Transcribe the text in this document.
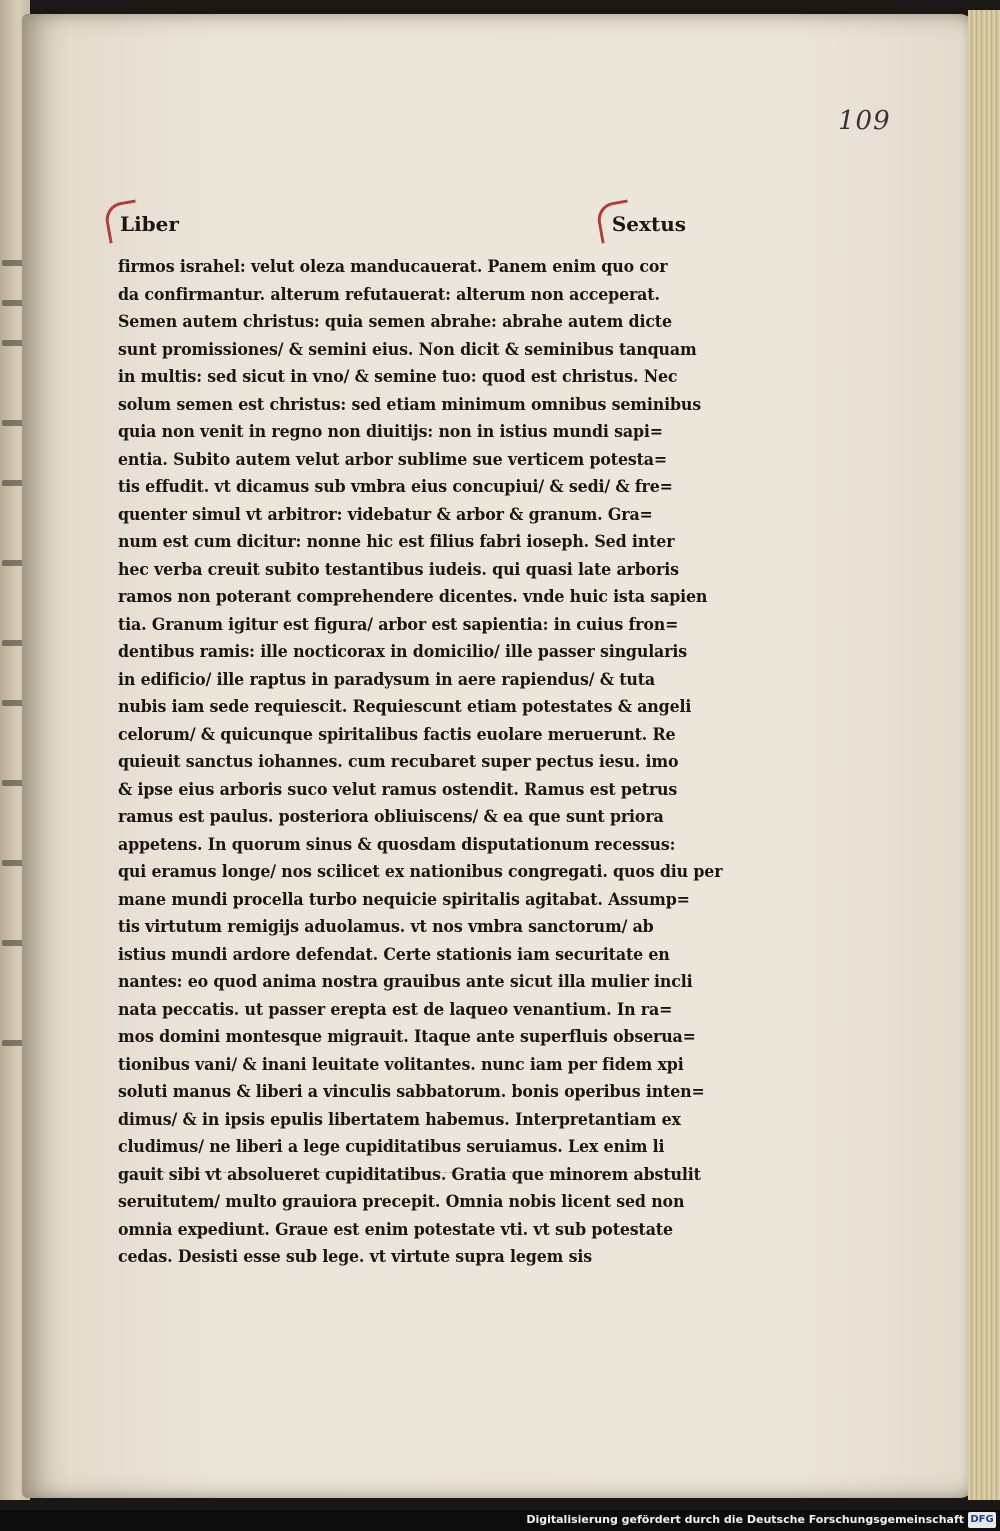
109
Liber	Sextus
firmos israhel: velut oleza manducauerat. Panem enim quo cor
da confirmantur. alterum refutauerat: alterum non acceperat.
Semen autem christus: quia semen abrahe: abrahe autem dicte
sunt promissiones/ & semini eius. Non dicit & seminibus tanquam
in multis: sed sicut in vno/ & semine tuo: quod est christus. Nec
solum semen est christus: sed etiam minimum omnibus seminibus
quia non venit in regno non diuitijs: non in istius mundi sapi=
entia. Subito autem velut arbor sublime sue verticem potesta=
tis effudit. vt dicamus sub vmbra eius concupiui/ & sedi/ & fre=
quenter simul vt arbitror: videbatur & arbor & granum. Gra=
num est cum dicitur: nonne hic est filius fabri ioseph. Sed inter
hec verba creuit subito testantibus iudeis. qui quasi late arboris
ramos non poterant comprehendere dicentes. vnde huic ista sapien
tia. Granum igitur est figura/ arbor est sapientia: in cuius fron=
dentibus ramis: ille nocticorax in domicilio/ ille passer singularis
in edificio/ ille raptus in paradysum in aere rapiendus/ & tuta
nubis iam sede requiescit. Requiescunt etiam potestates & angeli
celorum/ & quicunque spiritalibus factis euolare meruerunt. Re
quieuit sanctus iohannes. cum recubaret super pectus iesu. imo
& ipse eius arboris suco velut ramus ostendit. Ramus est petrus
ramus est paulus. posteriora obliuiscens/ & ea que sunt priora
appetens. In quorum sinus & quosdam disputationum recessus:
qui eramus longe/ nos scilicet ex nationibus congregati. quos diu per
mane mundi procella turbo nequicie spiritalis agitabat. Assump=
tis virtutum remigijs aduolamus. vt nos vmbra sanctorum/ ab
istius mundi ardore defendat. Certe stationis iam securitate en
nantes: eo quod anima nostra grauibus ante sicut illa mulier incli
nata peccatis. ut passer erepta est de laqueo venantium. In ra=
mos domini montesque migrauit. Itaque ante superfluis obserua=
tionibus vani/ & inani leuitate volitantes. nunc iam per fidem xpi
soluti manus & liberi a vinculis sabbatorum. bonis operibus inten=
dimus/ & in ipsis epulis libertatem habemus. Interpretantiam ex
cludimus/ ne liberi a lege cupiditatibus seruiamus. Lex enim li
gauit sibi vt absolueret cupiditatibus. Gratia que minorem abstulit
seruitutem/ multo grauiora precepit. Omnia nobis licent sed non
omnia expediunt. Graue est enim potestate vti. vt sub potestate
cedas. Desisti esse sub lege. vt virtute supra legem sis
Digitalisierung gefördert durch die Deutsche Forschungsgemeinschaft DFG
